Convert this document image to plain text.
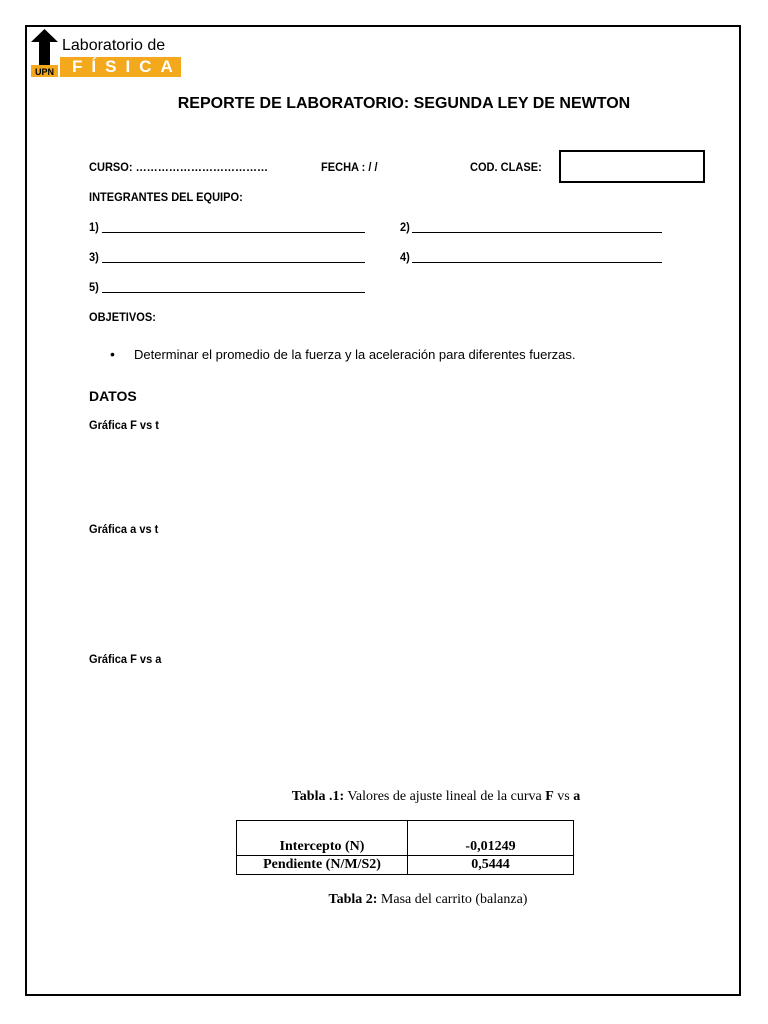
UPN
Laboratorio de
FÍSICA
REPORTE DE LABORATORIO: SEGUNDA LEY DE NEWTON
CURSO: ………………………………	FECHA : / /	COD. CLASE:
INTEGRANTES DEL EQUIPO:
1)	2)
3)	4)
5)
OBJETIVOS:
• Determinar el promedio de la fuerza y la aceleración para diferentes fuerzas.
DATOS
Gráfica F vs t
Gráfica a vs t
Gráfica F vs a
Tabla .1: Valores de ajuste lineal de la curva F vs a
Intercepto (N)	-0,01249
Pendiente (N/M/S2)	0,5444
Tabla 2: Masa del carrito (balanza)
